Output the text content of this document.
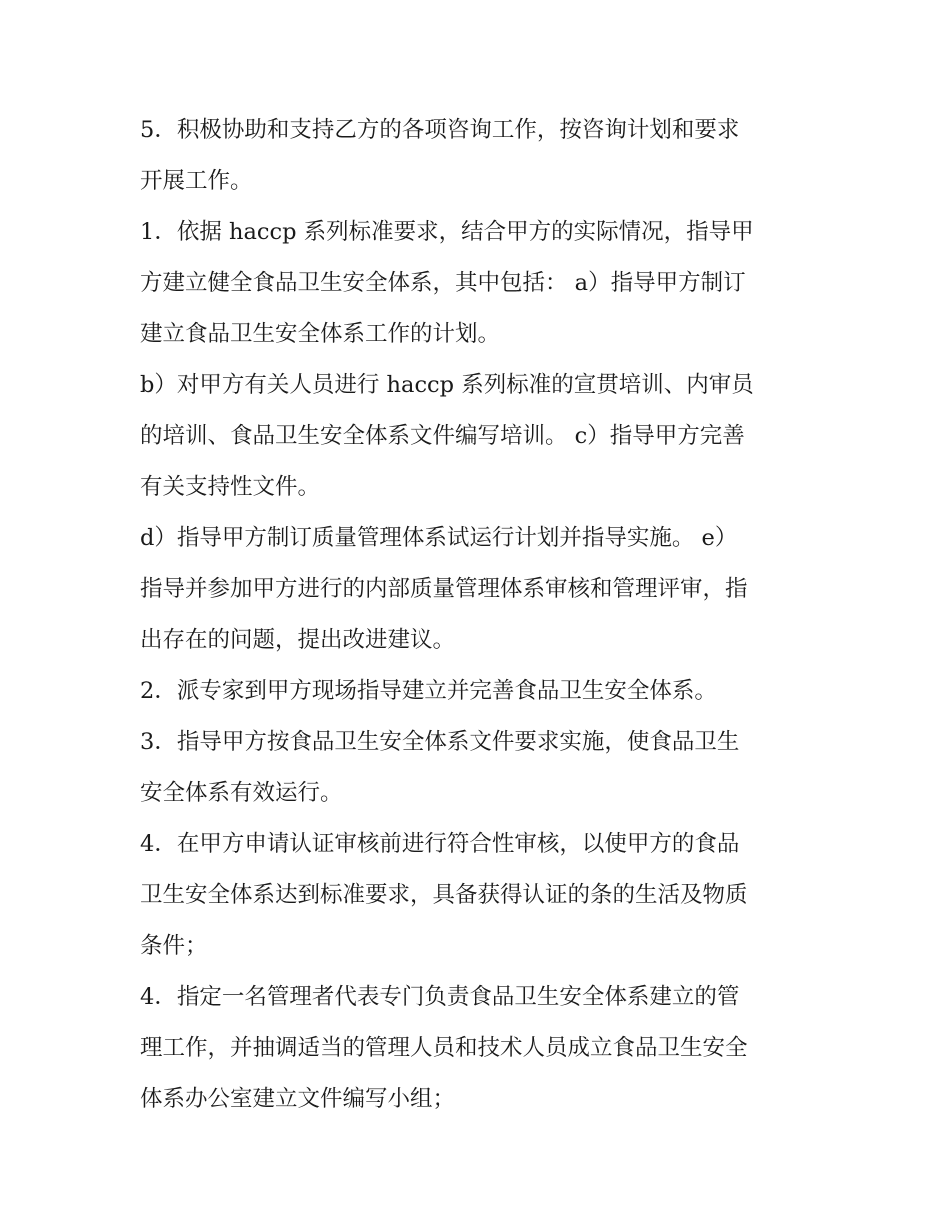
5．积极协助和支持乙方的各项咨询工作，按咨询计划和要求
开展工作。
1．依据 haccp 系列标准要求，结合甲方的实际情况，指导甲
方建立健全食品卫生安全体系，其中包括： a）指导甲方制订
建立食品卫生安全体系工作的计划。
b）对甲方有关人员进行 haccp 系列标准的宣贯培训、内审员
的培训、食品卫生安全体系文件编写培训。 c）指导甲方完善
有关支持性文件。
d）指导甲方制订质量管理体系试运行计划并指导实施。 e）
指导并参加甲方进行的内部质量管理体系审核和管理评审，指
出存在的问题，提出改进建议。
2．派专家到甲方现场指导建立并完善食品卫生安全体系。
3．指导甲方按食品卫生安全体系文件要求实施，使食品卫生
安全体系有效运行。
4．在甲方申请认证审核前进行符合性审核，以使甲方的食品
卫生安全体系达到标准要求，具备获得认证的条的生活及物质
条件；
4．指定一名管理者代表专门负责食品卫生安全体系建立的管
理工作，并抽调适当的管理人员和技术人员成立食品卫生安全
体系办公室建立文件编写小组；
